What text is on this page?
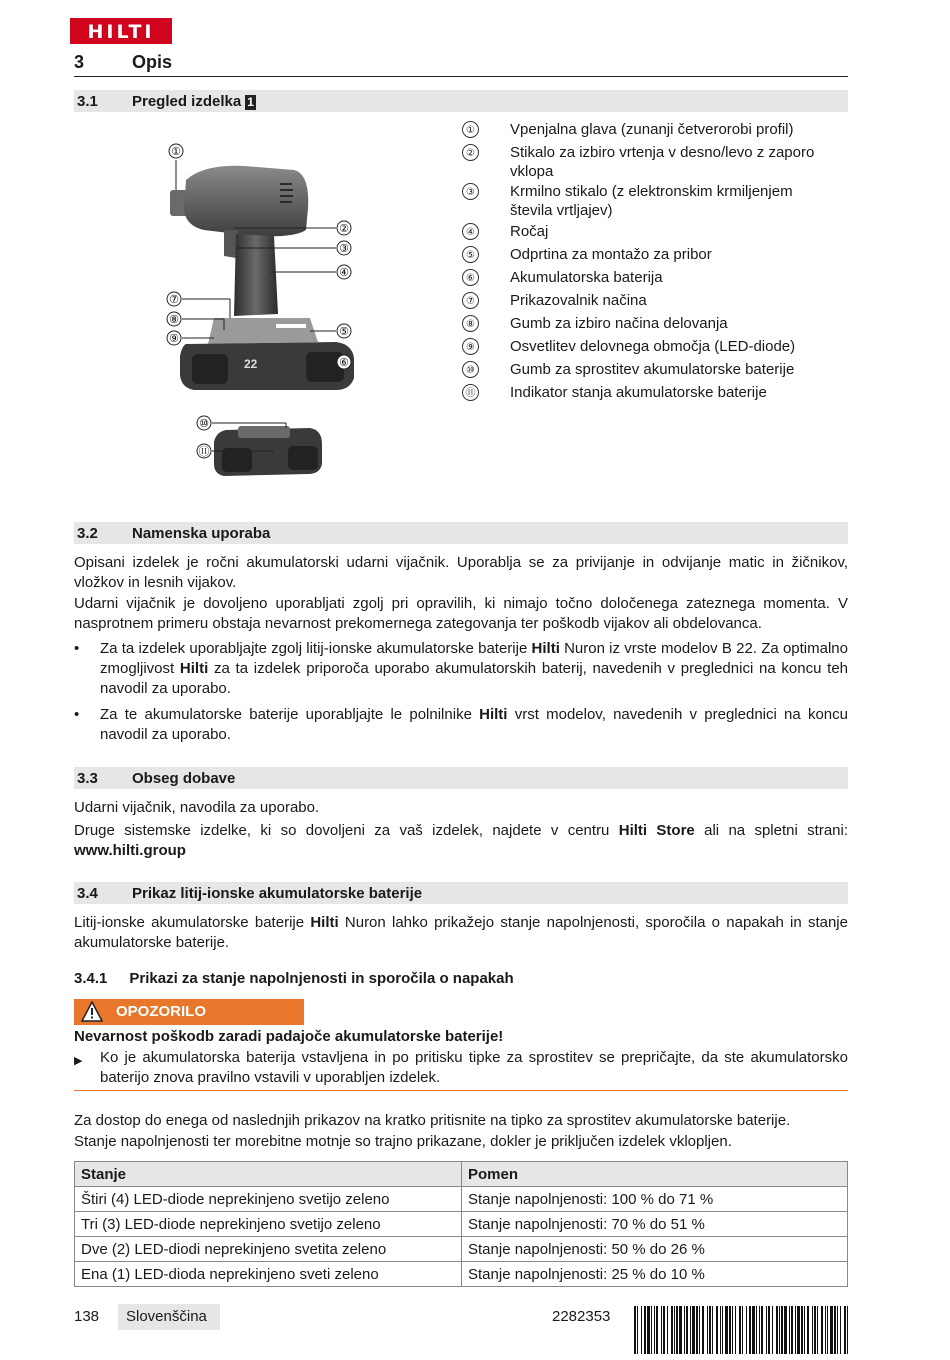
HILTI
3	Opis
3.1 Pregled izdelka 1
22
①
②
③
④
⑤
⑥
⑦
⑧
⑨
⑩
⑪
① Vpenjalna glava (zunanji četverorobi profil)
② Stikalo za izbiro vrtenja v desno/levo z zaporo vklopa
③ Krmilno stikalo (z elektronskim krmiljenjem števila vrtljajev)
④ Ročaj
⑤ Odprtina za montažo za pribor
⑥ Akumulatorska baterija
⑦ Prikazovalnik načina
⑧ Gumb za izbiro načina delovanja
⑨ Osvetlitev delovnega območja (LED-diode)
⑩ Gumb za sprostitev akumulatorske baterije
⑪ Indikator stanja akumulatorske baterije
3.2 Namenska uporaba
Opisani izdelek je ročni akumulatorski udarni vijačnik. Uporablja se za privijanje in odvijanje matic in žičnikov, vložkov in lesnih vijakov.
Udarni vijačnik je dovoljeno uporabljati zgolj pri opravilih, ki nimajo točno določenega zateznega momenta. V nasprotnem primeru obstaja nevarnost prekomernega zategovanja ter poškodb vijakov ali obdelovanca.
• Za ta izdelek uporabljajte zgolj litij-ionske akumulatorske baterije Hilti Nuron iz vrste modelov B 22. Za optimalno zmogljivost Hilti za ta izdelek priporoča uporabo akumulatorskih baterij, navedenih v preglednici na koncu teh navodil za uporabo.
• Za te akumulatorske baterije uporabljajte le polnilnike Hilti vrst modelov, navedenih v preglednici na koncu navodil za uporabo.
3.3 Obseg dobave
Udarni vijačnik, navodila za uporabo.
Druge sistemske izdelke, ki so dovoljeni za vaš izdelek, najdete v centru Hilti Store ali na spletni strani: www.hilti.group
3.4 Prikaz litij-ionske akumulatorske baterije
Litij-ionske akumulatorske baterije Hilti Nuron lahko prikažejo stanje napolnjenosti, sporočila o napakah in stanje akumulatorske baterije.
3.4.1 Prikazi za stanje napolnjenosti in sporočila o napakah
OPOZORILO
Nevarnost poškodb zaradi padajoče akumulatorske baterije!
▶ Ko je akumulatorska baterija vstavljena in po pritisku tipke za sprostitev se prepričajte, da ste akumulatorsko baterijo znova pravilno vstavili v uporabljen izdelek.
Za dostop do enega od naslednjih prikazov na kratko pritisnite na tipko za sprostitev akumulatorske baterije.
Stanje napolnjenosti ter morebitne motnje so trajno prikazane, dokler je priključen izdelek vklopljen.
Stanje	Pomen
Štiri (4) LED-diode neprekinjeno svetijo zeleno	Stanje napolnjenosti: 100 % do 71 %
Tri (3) LED-diode neprekinjeno svetijo zeleno	Stanje napolnjenosti: 70 % do 51 %
Dve (2) LED-diodi neprekinjeno svetita zeleno	Stanje napolnjenosti: 50 % do 26 %
Ena (1) LED-dioda neprekinjeno sveti zeleno	Stanje napolnjenosti: 25 % do 10 %
138 Slovenščina	2282353
